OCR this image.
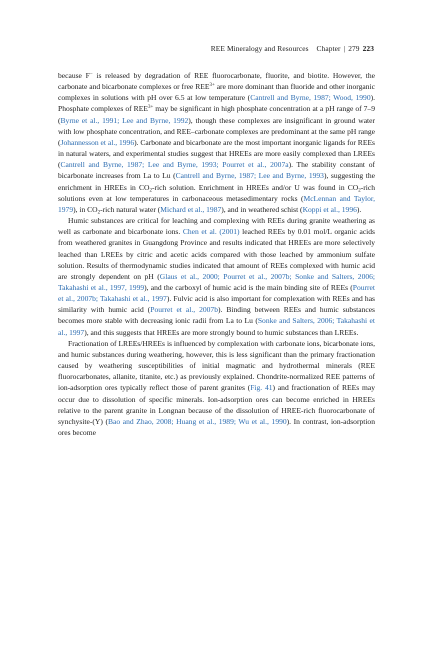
REE Mineralogy and Resources Chapter | 279 223

because F− is released by degradation of REE fluorocarbonate, fluorite, and biotite. However, the carbonate and bicarbonate complexes or free $REE^{3+}$ are more dominant than fluoride and other inorganic complexes in solutions with pH over 6.5 at low temperature (Cantrell and Byrne, 1987; Wood, 1990). Phosphate complexes of $REE^{3+}$ may be significant in high phosphate concentration at a pH range of 7–9 (Byrne et al., 1991; Lee and Byrne, 1992), though these complexes are insignificant in ground water with low phosphate concentration, and REE–carbonate complexes are predominant at the same pH range (Johannesson et al., 1996). Carbonate and bicarbonate are the most important inorganic ligands for REEs in natural waters, and experimental studies suggest that HREEs are more easily complexed than LREEs (Cantrell and Byrne, 1987; Lee and Byrne, 1993; Pourret et al., 2007a). The stability constant of bicarbonate increases from La to Lu (Cantrell and Byrne, 1987; Lee and Byrne, 1993), suggesting the enrichment in HREEs in $CO_2$-rich solution. Enrichment in HREEs and/or U was found in $CO_2$-rich solutions even at low temperatures in carbonaceous metasedimentary rocks (McLennan and Taylor, 1979), in $CO_2$-rich natural water (Michard et al., 1987), and in weathered schist (Koppi et al., 1996).

Humic substances are critical for leaching and complexing with REEs during granite weathering as well as carbonate and bicarbonate ions. Chen et al. (2001) leached REEs by 0.01 mol/L organic acids from weathered granites in Guangdong Province and results indicated that HREEs are more selectively leached than LREEs by citric and acetic acids compared with those leached by ammonium sulfate solution. Results of thermodynamic studies indicated that amount of REEs complexed with humic acid are strongly dependent on pH (Glaus et al., 2000; Pourret et al., 2007b; Sonke and Salters, 2006; Takahashi et al., 1997, 1999), and the carboxyl of humic acid is the main binding site of REEs (Pourret et al., 2007b; Takahashi et al., 1997). Fulvic acid is also important for complexation with REEs and has similarity with humic acid (Pourret et al., 2007b). Binding between REEs and humic substances becomes more stable with decreasing ionic radii from La to Lu (Sonke and Salters, 2006; Takahashi et al., 1997), and this suggests that HREEs are more strongly bound to humic substances than LREEs.

Fractionation of LREEs/HREEs is influenced by complexation with carbonate ions, bicarbonate ions, and humic substances during weathering, however, this is less significant than the primary fractionation caused by weathering susceptibilities of initial magmatic and hydrothermal minerals (REE fluorocarbonates, allanite, titanite, etc.) as previously explained. Chondrite-normalized REE patterns of ion-adsorption ores typically reflect those of parent granites (Fig. 41) and fractionation of REEs may occur due to dissolution of specific minerals. Ion-adsorption ores can become enriched in HREEs relative to the parent granite in Longnan because of the dissolution of HREE-rich fluorocarbonate of synchysite-(Y) (Bao and Zhao, 2008; Huang et al., 1989; Wu et al., 1990). In contrast, ion-adsorption ores become
